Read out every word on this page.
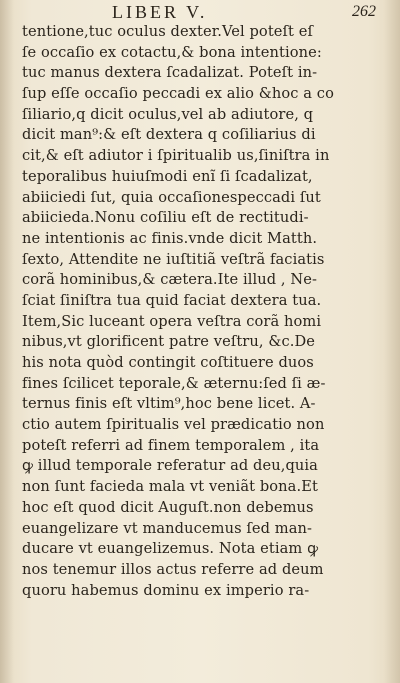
LIBER V.	262
tentione,tuc oculus dexter.Vel poteſt eſ
ſe occaſio ex cotactu,& bona intentione:
tuc manus dextera ſcadalizat. Poteſt in-
ſup eſſe occaſio peccadi ex alio &hoc a co
ſiliario,q dicit oculus,vel ab adiutore, q
dicit man⁹:& eſt dextera q coſiliarius di
cit,& eſt adiutor i ſpiritualib us,ſiniſtra in
teporalibus huiuſmodi enĩ ſi ſcadalizat,
abiiciedi ſut, quia occaſionespeccadi ſut
abiicieda.Nonu coſiliu eſt de rectitudi-
ne intentionis ac finis.vnde dicit Matth.
ſexto, Attendite ne iuſtitiã veſtrã faciatis
corã hominibus,& cætera.Ite illud , Ne-
ſciat ſiniſtra tua quid faciat dextera tua.
Item,Sic luceant opera veſtra corã homi
nibus,vt glorificent patre veſtru, &c.De
his nota quòd contingit coſtituere duos
fines ſcilicet teporale,& æternu:ſed ſi æ-
ternus finis eſt vltim⁹,hoc bene licet. A-
ctio autem ſpiritualis vel prædicatio non
poteſt referri ad finem temporalem , ita
ꝙ illud temporale referatur ad deu,quia
non ſunt facieda mala vt veniãt bona.Et
hoc eſt quod dicit Auguſt.non debemus
euangelizare vt manducemus ſed man-
ducare vt euangelizemus. Nota etiam ꝙ
nos tenemur illos actus referre ad deum
quoru habemus dominu ex imperio ra-
